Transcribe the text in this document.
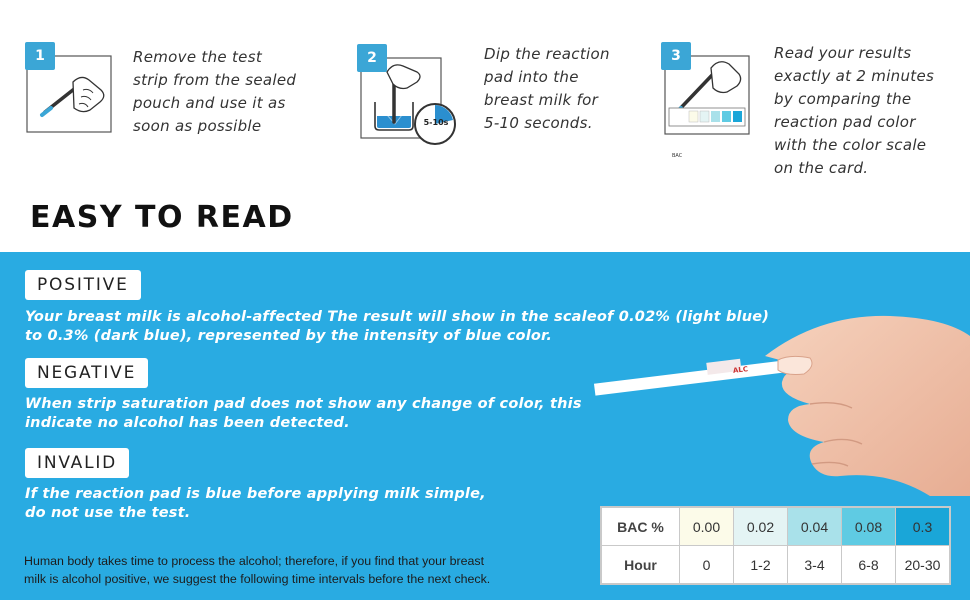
1	Remove the test
strip from the sealed
pouch and use it as
soon as possible
2
5-10s
Dip the reaction
pad into the
breast milk for
5-10 seconds.
3
BAC
Read your results
exactly at 2 minutes
by comparing the
reaction pad color
with the color scale
on the card.
EASY TO READ
ALC
POSITIVE
Your breast milk is alcohol-affected The result will show in the scaleof 0.02% (light blue)
to 0.3% (dark blue), represented by the intensity of blue color.
NEGATIVE
When strip saturation pad does not show any change of color, this
indicate no alcohol has been detected.
INVALID
If the reaction pad is blue before applying milk simple,
do not use the test.
Human body takes time to process the alcohol; therefore, if you find that your breast
milk is alcohol positive, we suggest the following time intervals before the next check.
BAC %	0.00	0.02	0.04	0.08	0.3
Hour	0	1-2	3-4	6-8	20-30
